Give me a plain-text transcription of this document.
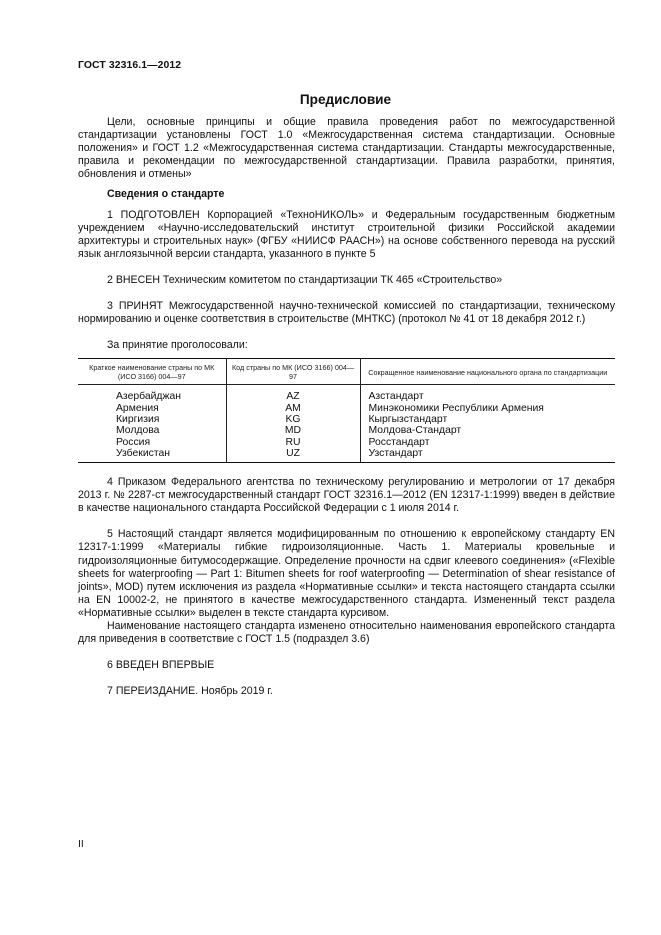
ГОСТ 32316.1—2012
Предисловие

Цели, основные принципы и общие правила проведения работ по межгосударственной стандартизации установлены ГОСТ 1.0 «Межгосударственная система стандартизации. Основные положения» и ГОСТ 1.2 «Межгосударственная система стандартизации. Стандарты межгосударственные, правила и рекомендации по межгосударственной стандартизации. Правила разработки, принятия, обновления и отмены»

Сведения о стандарте

1 ПОДГОТОВЛЕН Корпорацией «ТехноНИКОЛЬ» и Федеральным государственным бюджетным учреждением «Научно-исследовательский институт строительной физики Российской академии архитектуры и строительных наук» (ФГБУ «НИИСФ РААСН») на основе собственного перевода на русский язык англоязычной версии стандарта, указанного в пункте 5

2 ВНЕСЕН Техническим комитетом по стандартизации ТК 465 «Строительство»

3 ПРИНЯТ Межгосударственной научно-технической комиссией по стандартизации, техническому нормированию и оценке соответствия в строительстве (МНТКС) (протокол № 41 от 18 декабря 2012 г.)

За принятие проголосовали:

Краткое наименование страны по МК (ИСО 3166) 004—97	Код страны по МК (ИСО 3166) 004—97	Сокращенное наименование национального органа по стандартизации
Азербайджан	AZ	Азстандарт
Армения	AM	Минэкономики Республики Армения
Киргизия	KG	Кыргызстандарт
Молдова	MD	Молдова-Стандарт
Россия	RU	Росстандарт
Узбекистан	UZ	Узстандарт

4 Приказом Федерального агентства по техническому регулированию и метрологии от 17 декабря 2013 г. № 2287-ст межгосударственный стандарт ГОСТ 32316.1—2012 (EN 12317-1:1999) введен в действие в качестве национального стандарта Российской Федерации с 1 июля 2014 г.

5 Настоящий стандарт является модифицированным по отношению к европейскому стандарту EN 12317-1:1999 «Материалы гибкие гидроизоляционные. Часть 1. Материалы кровельные и гидроизоляционные битумосодержащие. Определение прочности на сдвиг клеевого соединения» («Flexible sheets for waterproofing — Part 1: Bitumen sheets for roof waterproofing — Determination of shear resistance of joints», MOD) путем исключения из раздела «Нормативные ссылки» и текста настоящего стандарта ссылки на EN 10002-2, не принятого в качестве межгосударственного стандарта. Измененный текст раздела «Нормативные ссылки» выделен в тексте стандарта курсивом.

Наименование настоящего стандарта изменено относительно наименования европейского стандарта для приведения в соответствие с ГОСТ 1.5 (подраздел 3.6)

6 ВВЕДЕН ВПЕРВЫЕ

7 ПЕРЕИЗДАНИЕ. Ноябрь 2019 г.

II
